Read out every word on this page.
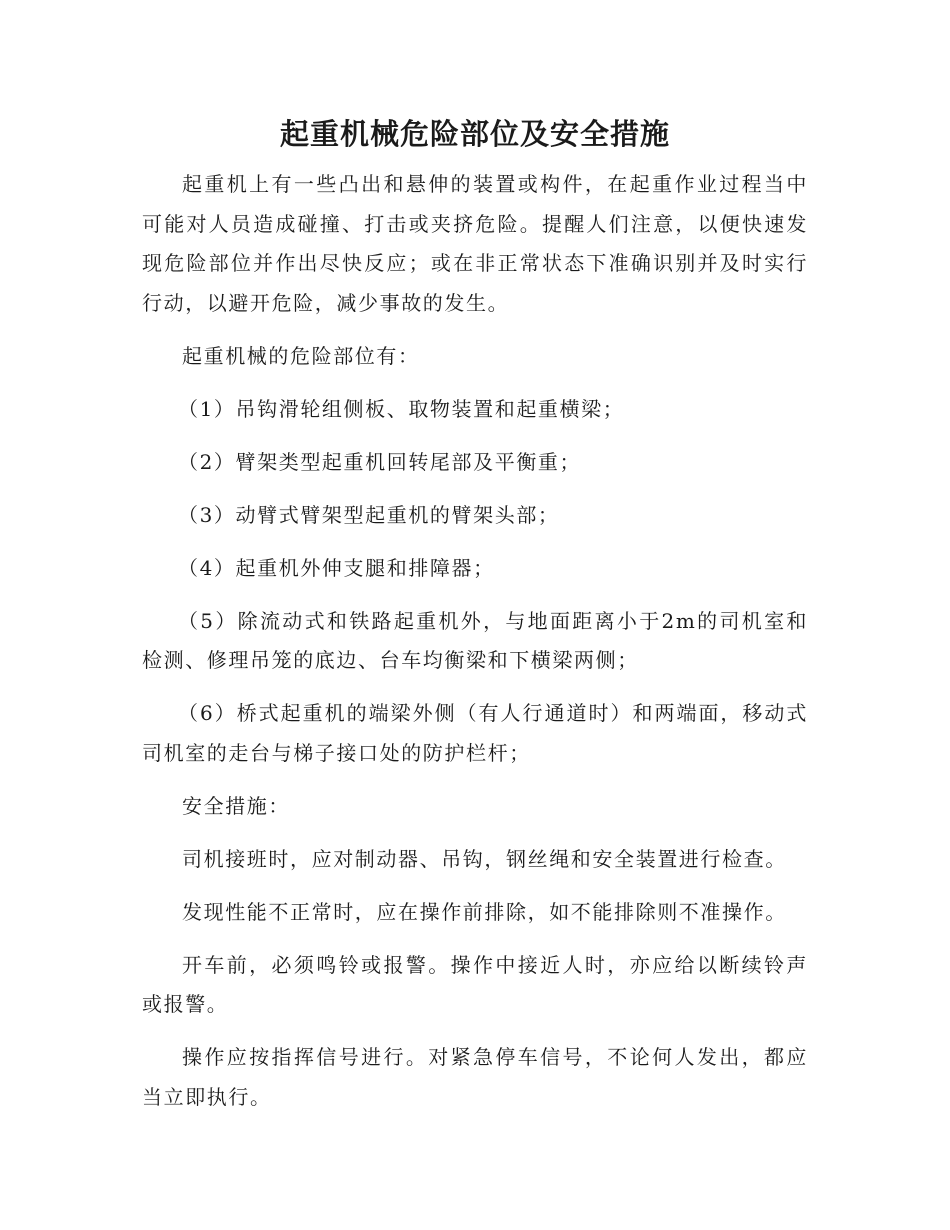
起重机械危险部位及安全措施

起重机上有一些凸出和悬伸的装置或构件，在起重作业过程当中可能对人员造成碰撞、打击或夹挤危险。提醒人们注意，以便快速发现危险部位并作出尽快反应；或在非正常状态下准确识别并及时实行行动，以避开危险，减少事故的发生。

起重机械的危险部位有：

（1）吊钩滑轮组侧板、取物装置和起重横梁；

（2）臂架类型起重机回转尾部及平衡重；

（3）动臂式臂架型起重机的臂架头部；

（4）起重机外伸支腿和排障器；

（5）除流动式和铁路起重机外，与地面距离小于2m的司机室和检测、修理吊笼的底边、台车均衡梁和下横梁两侧；

（6）桥式起重机的端梁外侧（有人行通道时）和两端面，移动式司机室的走台与梯子接口处的防护栏杆；

安全措施：

司机接班时，应对制动器、吊钩，钢丝绳和安全装置进行检查。

发现性能不正常时，应在操作前排除，如不能排除则不准操作。

开车前，必须鸣铃或报警。操作中接近人时，亦应给以断续铃声或报警。

操作应按指挥信号进行。对紧急停车信号，不论何人发出，都应当立即执行。
